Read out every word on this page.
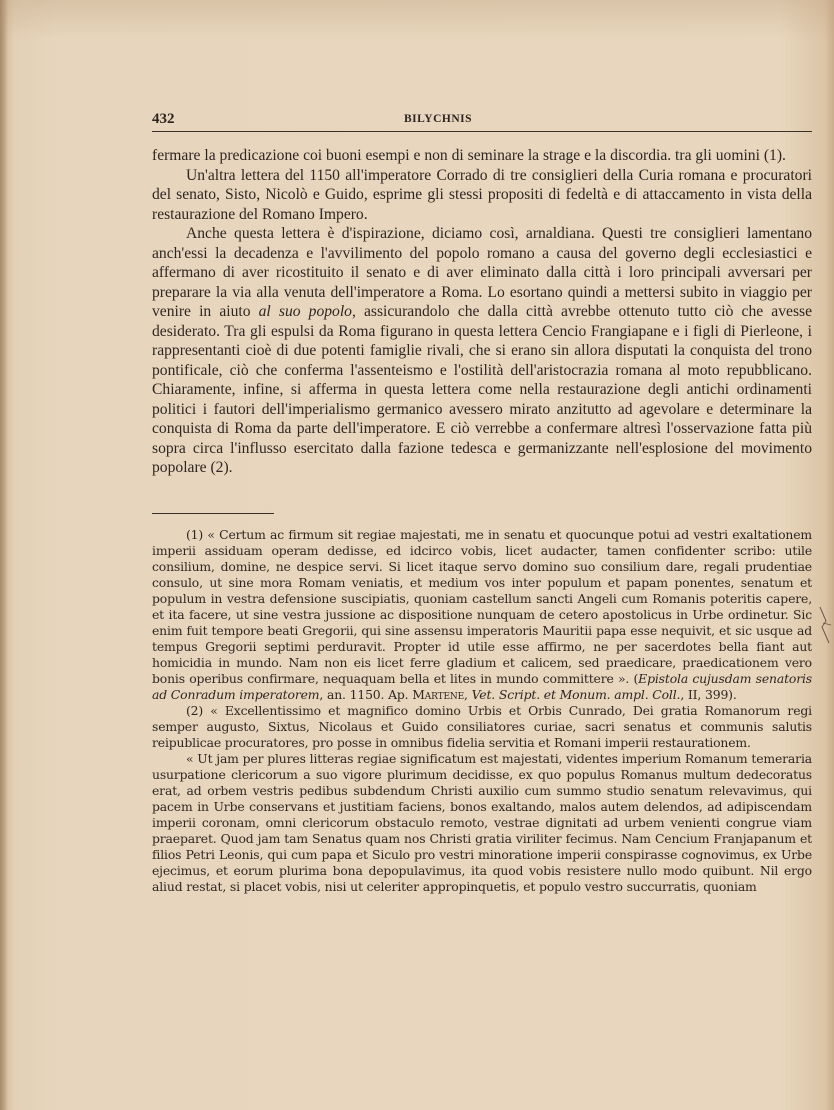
432	BILYCHNIS

fermare la predicazione coi buoni esempi e non di seminare la strage e la discordia. tra gli uomini (1).

Un'altra lettera del 1150 all'imperatore Corrado di tre consiglieri della Curia romana e procuratori del senato, Sisto, Nicolò e Guido, esprime gli stessi propositi di fedeltà e di attaccamento in vista della restaurazione del Romano Impero.

Anche questa lettera è d'ispirazione, diciamo così, arnaldiana. Questi tre consiglieri lamentano anch'essi la decadenza e l'avvilimento del popolo romano a causa del governo degli ecclesiastici e affermano di aver ricostituito il senato e di aver eliminato dalla città i loro principali avversari per preparare la via alla venuta dell'imperatore a Roma. Lo esortano quindi a mettersi subito in viaggio per venire in aiuto al suo popolo, assicurandolo che dalla città avrebbe ottenuto tutto ciò che avesse desiderato. Tra gli espulsi da Roma figurano in questa lettera Cencio Frangiapane e i figli di Pierleone, i rappresentanti cioè di due potenti famiglie rivali, che si erano sin allora disputati la conquista del trono pontificale, ciò che conferma l'assenteismo e l'ostilità dell'aristocrazia romana al moto repubblicano. Chiaramente, infine, si afferma in questa lettera come nella restaurazione degli antichi ordinamenti politici i fautori dell'imperialismo germanico avessero mirato anzitutto ad agevolare e determinare la conquista di Roma da parte dell'imperatore. E ciò verrebbe a confermare altresì l'osservazione fatta più sopra circa l'influsso esercitato dalla fazione tedesca e germanizzante nell'esplosione del movimento popolare (2).

(1) « Certum ac firmum sit regiae majestati, me in senatu et quocunque potui ad vestri exaltationem imperii assiduam operam dedisse, ed idcirco vobis, licet audacter, tamen confidenter scribo: utile consilium, domine, ne despice servi. Si licet itaque servo domino suo consilium dare, regali prudentiae consulo, ut sine mora Romam veniatis, et medium vos inter populum et papam ponentes, senatum et populum in vestra defensione suscipiatis, quoniam castellum sancti Angeli cum Romanis poteritis capere, et ita facere, ut sine vestra jussione ac dispositione nunquam de cetero apostolicus in Urbe ordinetur. Sic enim fuit tempore beati Gregorii, qui sine assensu imperatoris Mauritii papa esse nequivit, et sic usque ad tempus Gregorii septimi perduravit. Propter id utile esse affirmo, ne per sacerdotes bella fiant aut homicidia in mundo. Nam non eis licet ferre gladium et calicem, sed praedicare, praedicationem vero bonis operibus confirmare, nequaquam bella et lites in mundo committere ». (Epistola cujusdam senatoris ad Conradum imperatorem, an. 1150. Ap. Martene, Vet. Script. et Monum. ampl. Coll., II, 399).

(2) « Excellentissimo et magnifico domino Urbis et Orbis Cunrado, Dei gratia Romanorum regi semper augusto, Sixtus, Nicolaus et Guido consiliatores curiae, sacri senatus et communis salutis reipublicae procuratores, pro posse in omnibus fidelia servitia et Romani imperii restaurationem.

« Ut jam per plures litteras regiae significatum est majestati, videntes imperium Romanum temeraria usurpatione clericorum a suo vigore plurimum decidisse, ex quo populus Romanus multum dedecoratus erat, ad orbem vestris pedibus subdendum Christi auxilio cum summo studio senatum relevavimus, qui pacem in Urbe conservans et justitiam faciens, bonos exaltando, malos autem delendos, ad adipiscendam imperii coronam, omni clericorum obstaculo remoto, vestrae dignitati ad urbem venienti congrue viam praeparet. Quod jam tam Senatus quam nos Christi gratia viriliter fecimus. Nam Cencium Franjapanum et filios Petri Leonis, qui cum papa et Siculo pro vestri minoratione imperii conspirasse cognovimus, ex Urbe ejecimus, et eorum plurima bona depopulavimus, ita quod vobis resistere nullo modo quibunt. Nil ergo aliud restat, si placet vobis, nisi ut celeriter appropinquetis, et populo vestro succurratis, quoniam
